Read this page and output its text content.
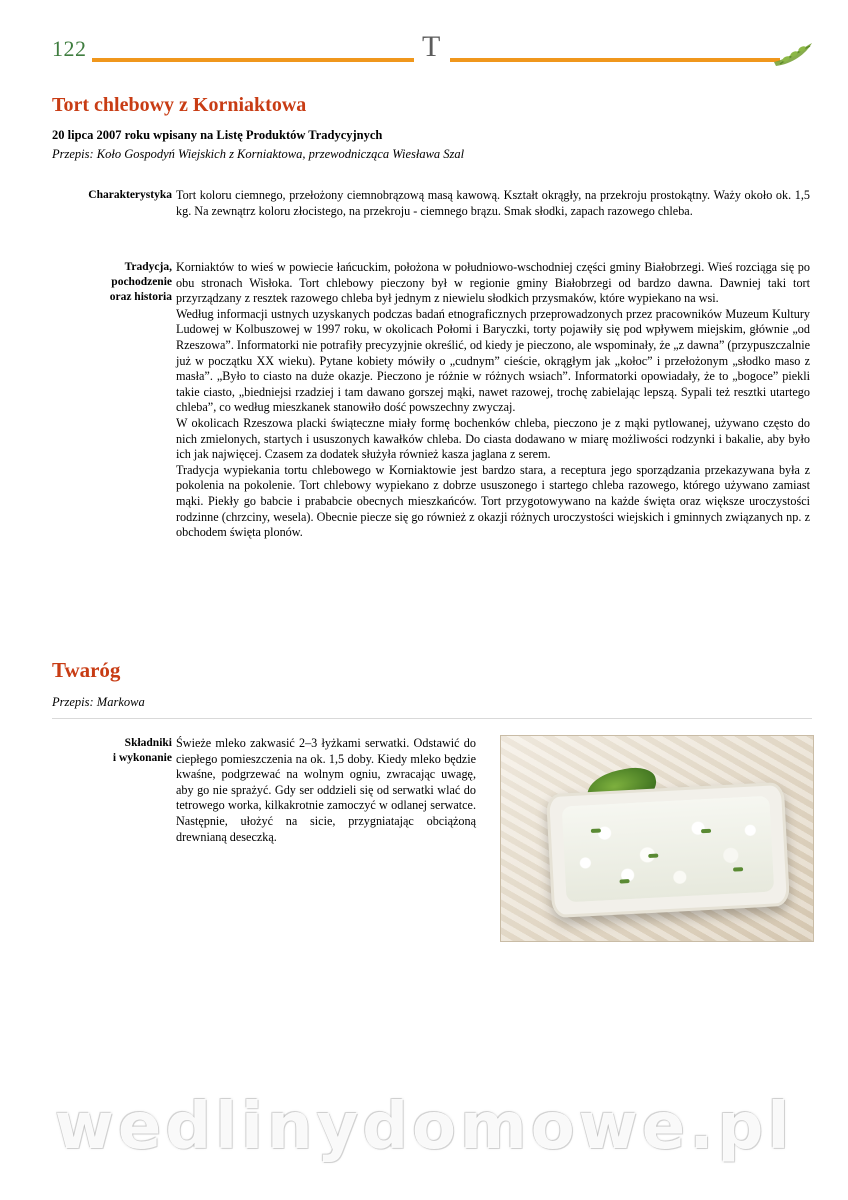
122	T
Tort chlebowy z Korniaktowa
20 lipca 2007 roku wpisany na Listę Produktów Tradycyjnych
Przepis: Koło Gospodyń Wiejskich z Korniaktowa, przewodnicząca Wiesława Szal
Charakterystyka Tort koloru ciemnego, przełożony ciemnobrązową masą kawową. Kształt okrągły, na przekroju prostokątny. Waży około ok. 1,5 kg. Na zewnątrz koloru złocistego, na przekroju - ciemnego brązu. Smak słodki, zapach razowego chleba.

Tradycja,
pochodzenie
oraz historia

Korniaktów to wieś w powiecie łańcuckim, położona w południowo-wschodniej części gminy Białobrzegi. Wieś rozciąga się po obu stronach Wisłoka. Tort chlebowy pieczony był w regionie gminy Białobrzegi od bardzo dawna. Dawniej taki tort przyrządzany z resztek razowego chleba był jednym z niewielu słodkich przysmaków, które wypiekano na wsi.

Według informacji ustnych uzyskanych podczas badań etnograficznych przeprowadzonych przez pracowników Muzeum Kultury Ludowej w Kolbuszowej w 1997 roku, w okolicach Połomi i Baryczki, torty pojawiły się pod wpływem miejskim, głównie „od Rzeszowa”. Informatorki nie potrafiły precyzyjnie określić, od kiedy je pieczono, ale wspominały, że „z dawna” (przypuszczalnie już w początku XX wieku). Pytane kobiety mówiły o „cudnym” cieście, okrągłym jak „kołoc” i przełożonym „słodko maso z masła”. „Było to ciasto na duże okazje. Pieczono je różnie w różnych wsiach”. Informatorki opowiadały, że to „bogoce” piekli takie ciasto, „biedniejsi rzadziej i tam dawano gorszej mąki, nawet razowej, trochę zabielając lepszą. Sypali też resztki utartego chleba”, co według mieszkanek stanowiło dość powszechny zwyczaj.

W okolicach Rzeszowa placki świąteczne miały formę bochenków chleba, pieczono je z mąki pytlowanej, używano często do nich zmielonych, startych i ususzonych kawałków chleba. Do ciasta dodawano w miarę możliwości rodzynki i bakalie, aby było ich jak najwięcej. Czasem za dodatek służyła również kasza jaglana z serem.

Tradycja wypiekania tortu chlebowego w Korniaktowie jest bardzo stara, a receptura jego sporządzania przekazywana była z pokolenia na pokolenie. Tort chlebowy wypiekano z dobrze ususzonego i startego chleba razowego, którego używano zamiast mąki. Piekły go babcie i prababcie obecnych mieszkańców. Tort przygotowywano na każde święta oraz większe uroczystości rodzinne (chrzciny, wesela). Obecnie piecze się go również z okazji różnych uroczystości wiejskich i gminnych związanych np. z obchodem święta plonów.

Twaróg
Przepis: Markowa
Składniki
i wykonanie

Świeże mleko zakwasić 2–3 łyżkami serwatki. Odstawić do ciepłego pomieszczenia na ok. 1,5 doby. Kiedy mleko będzie kwaśne, podgrzewać na wolnym ogniu, zwracając uwagę, aby go nie sprażyć. Gdy ser oddzieli się od serwatki wlać do tetrowego worka, kilkakrotnie zamoczyć w odlanej serwatce. Następnie, ułożyć na sicie, przygniatając obciążoną drewnianą deseczką.

wedlinydomowe.pl
